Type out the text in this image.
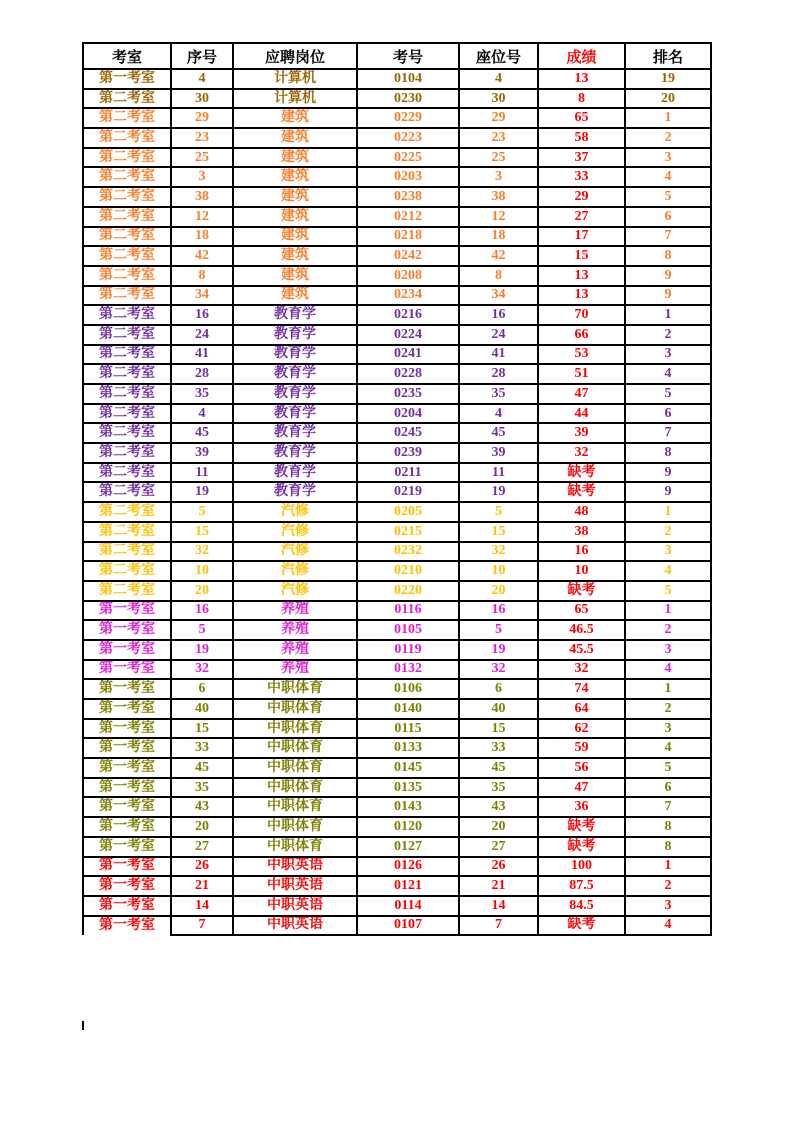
考室	序号	应聘岗位	考号	座位号	成绩	排名
第一考室	4	计算机	0104	4	13	19
第二考室	30	计算机	0230	30	8	20
第二考室	29	建筑	0229	29	65	1
第二考室	23	建筑	0223	23	58	2
第二考室	25	建筑	0225	25	37	3
第二考室	3	建筑	0203	3	33	4
第二考室	38	建筑	0238	38	29	5
第二考室	12	建筑	0212	12	27	6
第二考室	18	建筑	0218	18	17	7
第二考室	42	建筑	0242	42	15	8
第二考室	8	建筑	0208	8	13	9
第二考室	34	建筑	0234	34	13	9
第二考室	16	教育学	0216	16	70	1
第二考室	24	教育学	0224	24	66	2
第二考室	41	教育学	0241	41	53	3
第二考室	28	教育学	0228	28	51	4
第二考室	35	教育学	0235	35	47	5
第二考室	4	教育学	0204	4	44	6
第二考室	45	教育学	0245	45	39	7
第二考室	39	教育学	0239	39	32	8
第二考室	11	教育学	0211	11	缺考	9
第二考室	19	教育学	0219	19	缺考	9
第二考室	5	汽修	0205	5	48	1
第二考室	15	汽修	0215	15	38	2
第二考室	32	汽修	0232	32	16	3
第二考室	10	汽修	0210	10	10	4
第二考室	20	汽修	0220	20	缺考	5
第一考室	16	养殖	0116	16	65	1
第一考室	5	养殖	0105	5	46.5	2
第一考室	19	养殖	0119	19	45.5	3
第一考室	32	养殖	0132	32	32	4
第一考室	6	中职体育	0106	6	74	1
第一考室	40	中职体育	0140	40	64	2
第一考室	15	中职体育	0115	15	62	3
第一考室	33	中职体育	0133	33	59	4
第一考室	45	中职体育	0145	45	56	5
第一考室	35	中职体育	0135	35	47	6
第一考室	43	中职体育	0143	43	36	7
第一考室	20	中职体育	0120	20	缺考	8
第一考室	27	中职体育	0127	27	缺考	8
第一考室	26	中职英语	0126	26	100	1
第一考室	21	中职英语	0121	21	87.5	2
第一考室	14	中职英语	0114	14	84.5	3
第一考室	7	中职英语	0107	7	缺考	4
